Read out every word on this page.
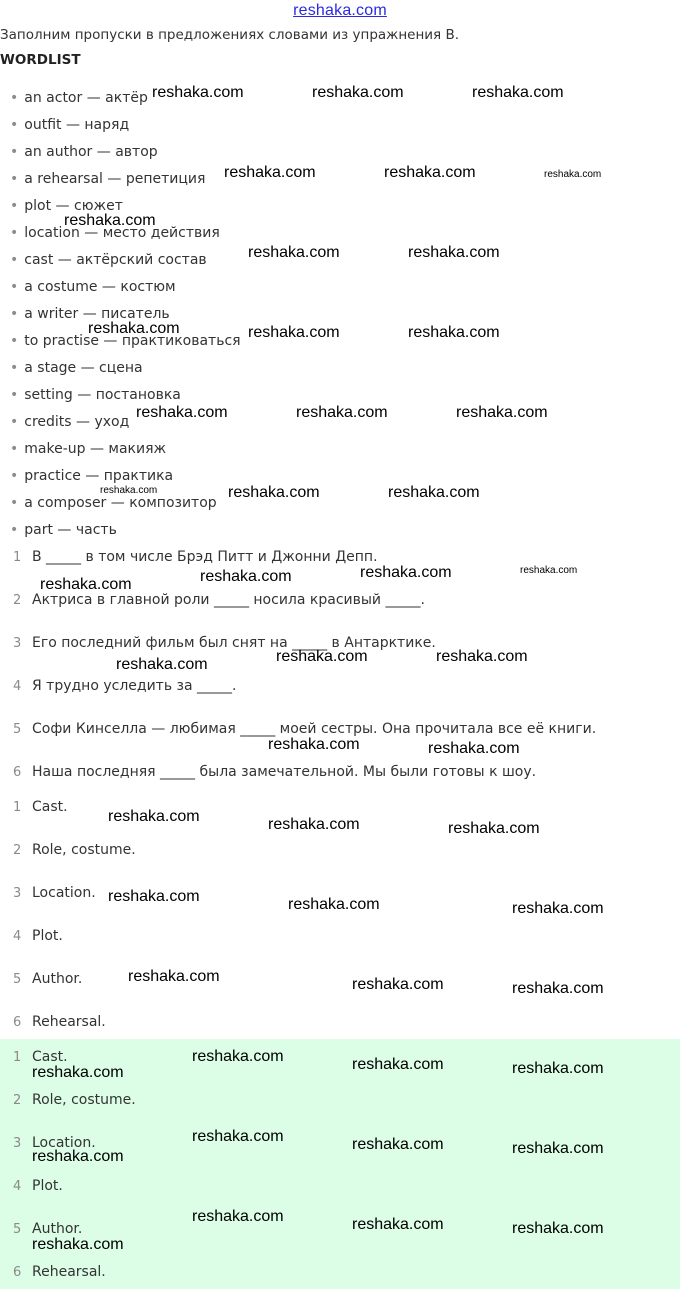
reshaka.com
Заполним пропуски в предложениях словами из упражнения B.
WORDLIST
• an actor — актёр
• outfit — наряд
• an author — автор
• a rehearsal — репетиция
• plot — сюжет
• location — место действия
• cast — актёрский состав
• a costume — костюм
• a writer — писатель
• to practise — практиковаться
• a stage — сцена
• setting — постановка
• credits — уход
• make-up — макияж
• practice — практика
• a composer — композитор
• part — часть
1 В _____ в том числе Брэд Питт и Джонни Депп.
2 Актриса в главной роли _____ носила красивый _____.
3 Его последний фильм был снят на _____ в Антарктике.
4 Я трудно уследить за _____.
5 Софи Кинселла — любимая _____ моей сестры. Она прочитала все её книги.
6 Наша последняя _____ была замечательной. Мы были готовы к шоу.
1 Cast.
2 Role, costume.
3 Location.
4 Plot.
5 Author.
6 Rehearsal.
1 Cast.
2 Role, costume.
3 Location.
4 Plot.
5 Author.
6 Rehearsal.
reshaka.com	reshaka.com	reshaka.com
reshaka.com	reshaka.com	reshaka.com
reshaka.com
reshaka.com	reshaka.com
reshaka.com	reshaka.com	reshaka.com
reshaka.com	reshaka.com	reshaka.com
reshaka.com	reshaka.com	reshaka.com
reshaka.com	reshaka.com	reshaka.com	reshaka.com
reshaka.com	reshaka.com	reshaka.com
reshaka.com	reshaka.com
reshaka.com	reshaka.com	reshaka.com
reshaka.com	reshaka.com	reshaka.com
reshaka.com	reshaka.com	reshaka.com
reshaka.com	reshaka.com	reshaka.com
reshaka.com
reshaka.com	reshaka.com	reshaka.com
reshaka.com
reshaka.com	reshaka.com	reshaka.com
reshaka.com
